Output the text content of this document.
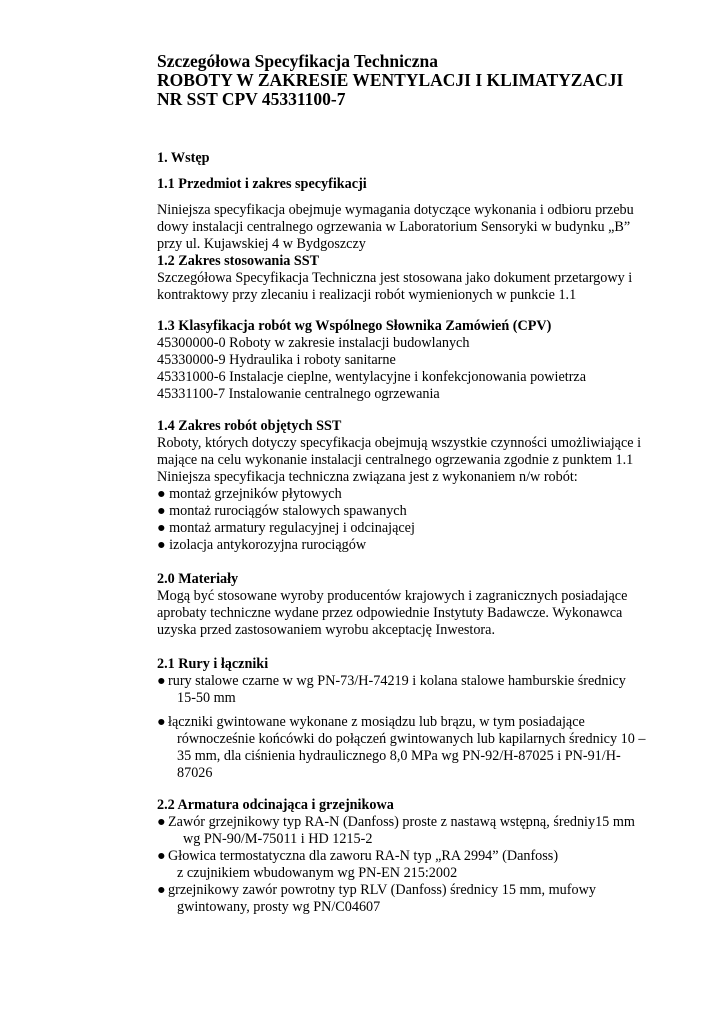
Szczegółowa Specyfikacja Techniczna
ROBOTY W ZAKRESIE WENTYLACJI I KLIMATYZACJI
NR SST CPV 45331100-7
1. Wstęp
1.1 Przedmiot i zakres specyfikacji
Niniejsza specyfikacja obejmuje wymagania dotyczące wykonania i odbioru przebu
dowy instalacji centralnego ogrzewania w Laboratorium Sensoryki w budynku „B”
przy ul. Kujawskiej 4 w Bydgoszczy
1.2 Zakres stosowania SST
Szczegółowa Specyfikacja Techniczna jest stosowana jako dokument przetargowy i
kontraktowy przy zlecaniu i realizacji robót wymienionych w punkcie 1.1
1.3 Klasyfikacja robót wg Wspólnego Słownika Zamówień (CPV)
45300000-0 Roboty w zakresie instalacji budowlanych
45330000-9 Hydraulika i roboty sanitarne
45331000-6 Instalacje cieplne, wentylacyjne i konfekcjonowania powietrza
45331100-7 Instalowanie centralnego ogrzewania
1.4 Zakres robót objętych SST
Roboty, których dotyczy specyfikacja obejmują wszystkie czynności umożliwiające i
mające na celu wykonanie instalacji centralnego ogrzewania zgodnie z punktem 1.1
Niniejsza specyfikacja techniczna związana jest z wykonaniem n/w robót:
● montaż grzejników płytowych
● montaż rurociągów stalowych spawanych
● montaż armatury regulacyjnej i odcinającej
● izolacja antykorozyjna rurociągów
2.0 Materiały
Mogą być stosowane wyroby producentów krajowych i zagranicznych posiadające
aprobaty techniczne wydane przez odpowiednie Instytuty Badawcze. Wykonawca
uzyska przed zastosowaniem wyrobu akceptację Inwestora.
2.1 Rury i łączniki
● rury stalowe czarne w wg PN-73/H-74219 i kolana stalowe hamburskie średnicy
15-50 mm
● łączniki gwintowane wykonane z mosiądzu lub brązu, w tym posiadające
równocześnie końcówki do połączeń gwintowanych lub kapilarnych średnicy 10 –
35 mm, dla ciśnienia hydraulicznego 8,0 MPa wg PN-92/H-87025 i PN-91/H-
87026
2.2 Armatura odcinająca i grzejnikowa
● Zawór grzejnikowy typ RA-N (Danfoss) proste z nastawą wstępną, średniy15 mm
wg PN-90/M-75011 i HD 1215-2
● Głowica termostatyczna dla zaworu RA-N typ „RA 2994” (Danfoss)
z czujnikiem wbudowanym wg PN-EN 215:2002
● grzejnikowy zawór powrotny typ RLV (Danfoss) średnicy 15 mm, mufowy
gwintowany, prosty wg PN/C04607
